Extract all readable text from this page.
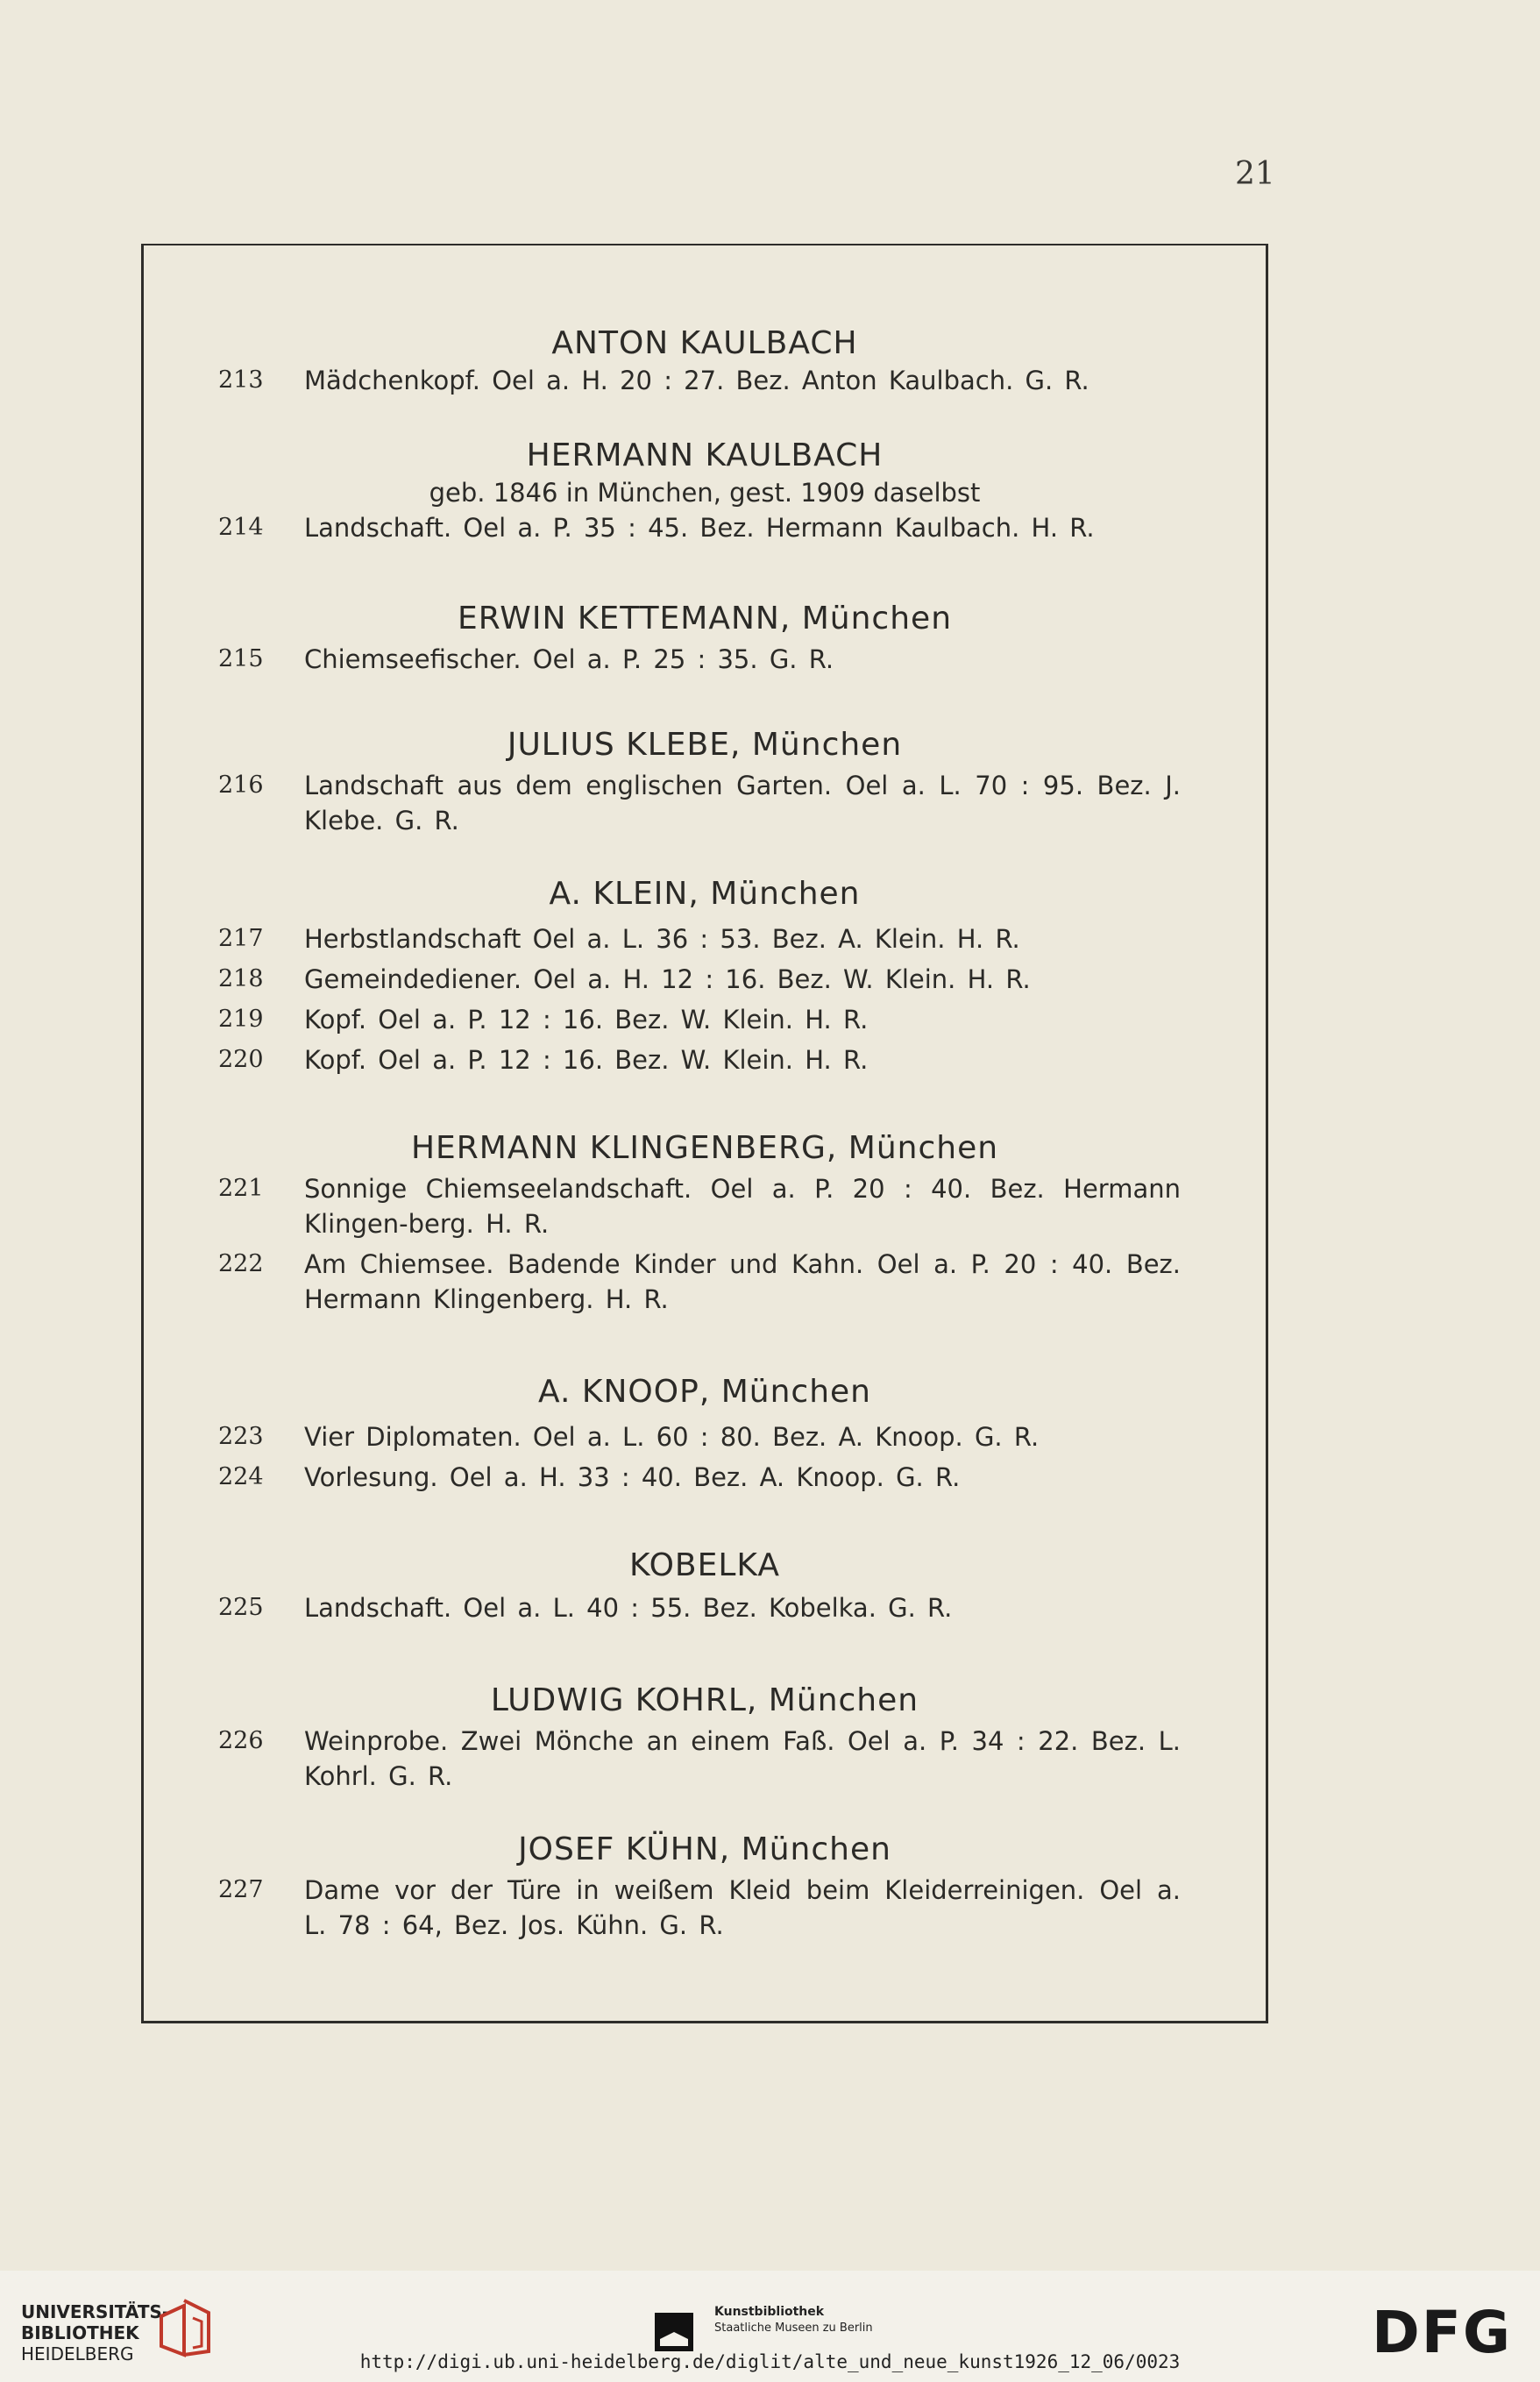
21

ANTON KAULBACH

213	Mädchenkopf. Oel a. H. 20 : 27. Bez. Anton Kaulbach. G. R.

HERMANN KAULBACH

geb. 1846 in München, gest. 1909 daselbst

214	Landschaft. Oel a. P. 35 : 45. Bez. Hermann Kaulbach. H. R.

ERWIN KETTEMANN, München

215	Chiemseefischer. Oel a. P. 25 : 35. G. R.

JULIUS KLEBE, München

216	Landschaft aus dem englischen Garten. Oel a. L. 70 : 95. Bez. J. Klebe. G. R.

A. KLEIN, München

217	Herbstlandschaft Oel a. L. 36 : 53. Bez. A. Klein. H. R.
218	Gemeindediener. Oel a. H. 12 : 16. Bez. W. Klein. H. R.
219	Kopf. Oel a. P. 12 : 16. Bez. W. Klein. H. R.
220	Kopf. Oel a. P. 12 : 16. Bez. W. Klein. H. R.

HERMANN KLINGENBERG, München

221	Sonnige Chiemseelandschaft. Oel a. P. 20 : 40. Bez. Hermann Klingen-berg. H. R.
222	Am Chiemsee. Badende Kinder und Kahn. Oel a. P. 20 : 40. Bez. Hermann Klingenberg. H. R.

A. KNOOP, München

223	Vier Diplomaten. Oel a. L. 60 : 80. Bez. A. Knoop. G. R.
224	Vorlesung. Oel a. H. 33 : 40. Bez. A. Knoop. G. R.

KOBELKA

225	Landschaft. Oel a. L. 40 : 55. Bez. Kobelka. G. R.

LUDWIG KOHRL, München

226	Weinprobe. Zwei Mönche an einem Faß. Oel a. P. 34 : 22. Bez. L. Kohrl. G. R.

JOSEF KÜHN, München

227	Dame vor der Türe in weißem Kleid beim Kleiderreinigen. Oel a. L. 78 : 64, Bez. Jos. Kühn. G. R.
UNIVERSITÄTS-
BIBLIOTHEK
HEIDELBERG
Kunstbibliothek
Staatliche Museen zu Berlin	DFG
http://digi.ub.uni-heidelberg.de/diglit/alte_und_neue_kunst1926_12_06/0023
